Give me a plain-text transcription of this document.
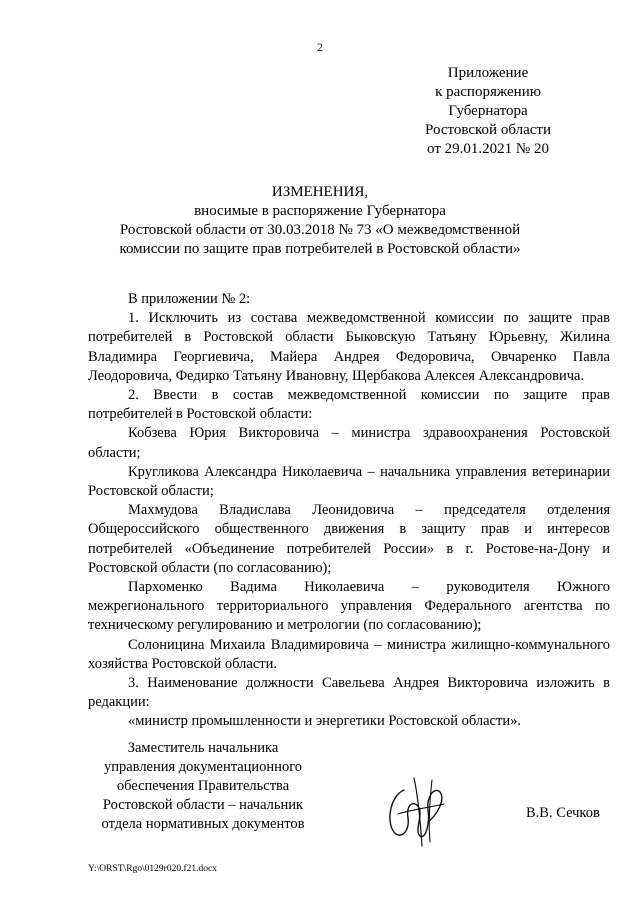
2
Приложение
к распоряжению
Губернатора
Ростовской области
от 29.01.2021 № 20
ИЗМЕНЕНИЯ,
вносимые в распоряжение Губернатора
Ростовской области от 30.03.2018 № 73 «О межведомственной
комиссии по защите прав потребителей в Ростовской области»

В приложении № 2:

1. Исключить из состава межведомственной комиссии по защите прав потребителей в Ростовской области Быковскую Татьяну Юрьевну, Жилина Владимира Георгиевича, Майера Андрея Федоровича, Овчаренко Павла Леодоровича, Федирко Татьяну Ивановну, Щербакова Алексея Александровича.

2. Ввести в состав межведомственной комиссии по защите прав потребителей в Ростовской области:

Кобзева Юрия Викторовича – министра здравоохранения Ростовской области;

Кругликова Александра Николаевича – начальника управления ветеринарии Ростовской области;

Махмудова Владислава Леонидовича – председателя отделения Общероссийского общественного движения в защиту прав и интересов потребителей «Объединение потребителей России» в г. Ростове-на-Дону и Ростовской области (по согласованию);

Пархоменко Вадима Николаевича – руководителя Южного межрегионального территориального управления Федерального агентства по техническому регулированию и метрологии (по согласованию);

Солоницина Михаила Владимировича – министра жилищно-коммунального хозяйства Ростовской области.

3. Наименование должности Савельева Андрея Викторовича изложить в редакции:

«министр промышленности и энергетики Ростовской области».

Заместитель начальника
управления документационного
обеспечения Правительства
Ростовской области – начальник
отдела нормативных документов
В.В. Сечков
Y:\ORST\Rgo\0129r020.f21.docx
